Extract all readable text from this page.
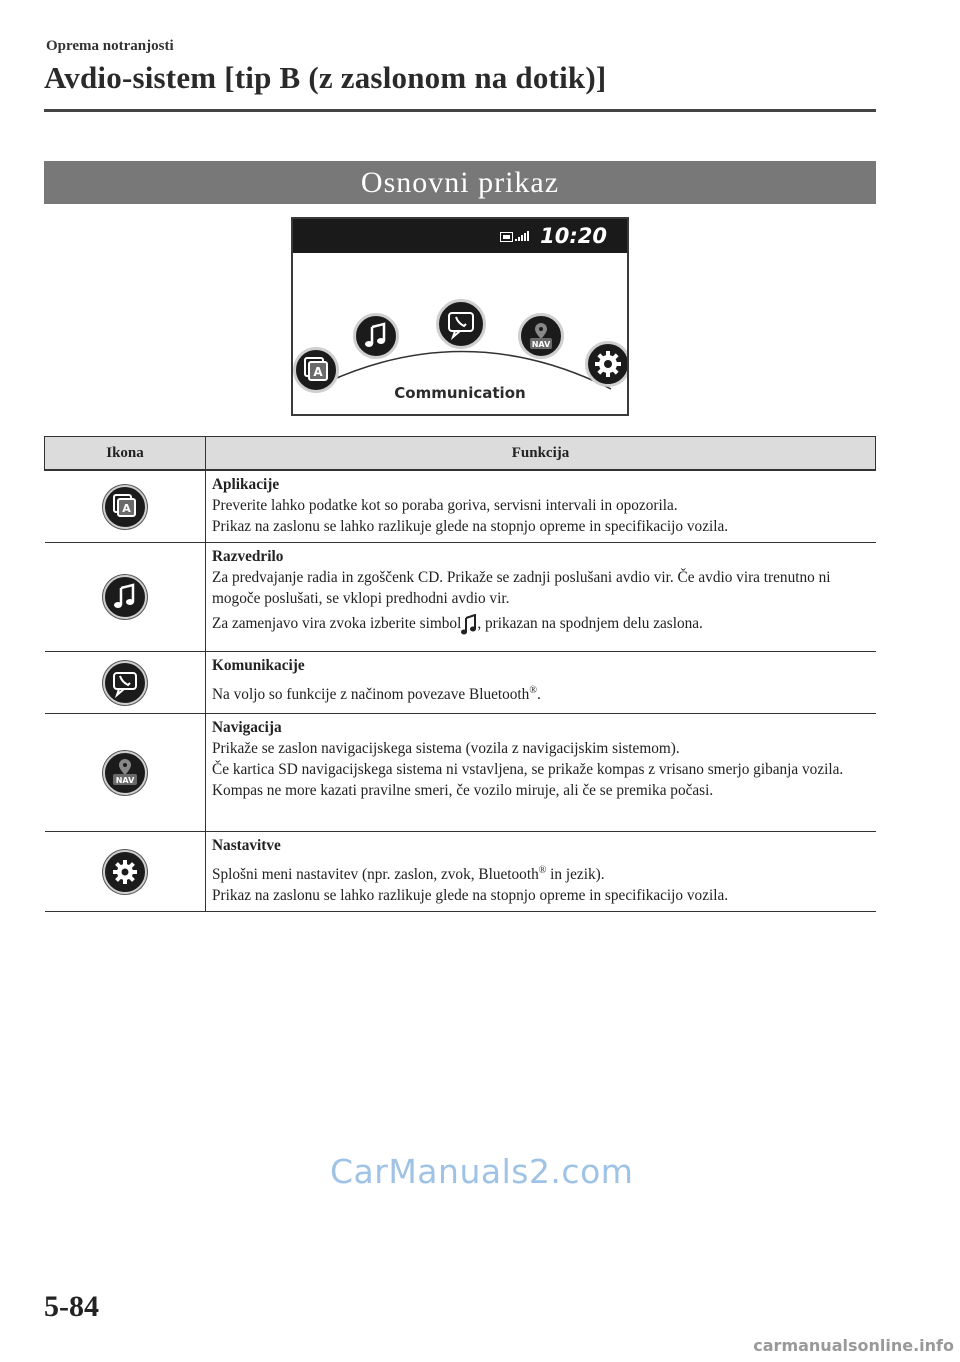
Oprema notranjosti
Avdio-sistem [tip B (z zaslonom na dotik)]
Osnovni prikaz
10:20
A
NAV
Communication
Ikona	Funkcija

A	Aplikacije
Preverite lahko podatke kot so poraba goriva, servisni intervali in opozorila.
Prikaz na zaslonu se lahko razlikuje glede na stopnjo opreme in specifikacijo vozila.

Razvedrilo
Za predvajanje radia in zgoščenk CD. Prikaže se zadnji poslušani avdio vir. Če avdio vira trenutno ni mogoče poslušati, se vklopi predhodni avdio vir.
Za zamenjavo vira zvoka izberite simbol , prikazan na spodnjem delu zaslona.

Komunikacije
Na voljo so funkcije z načinom povezave Bluetooth®.

NAV	Navigacija
Prikaže se zaslon navigacijskega sistema (vozila z navigacijskim sistemom).
Če kartica SD navigacijskega sistema ni vstavljena, se prikaže kompas z vrisano smerjo gibanja vozila.
Kompas ne more kazati pravilne smeri, če vozilo miruje, ali če se premika počasi.

Nastavitve
Splošni meni nastavitev (npr. zaslon, zvok, Bluetooth® in jezik).
Prikaz na zaslonu se lahko razlikuje glede na stopnjo opreme in specifikacijo vozila.
CarManuals2.com
5-84
carmanualsonline.info
